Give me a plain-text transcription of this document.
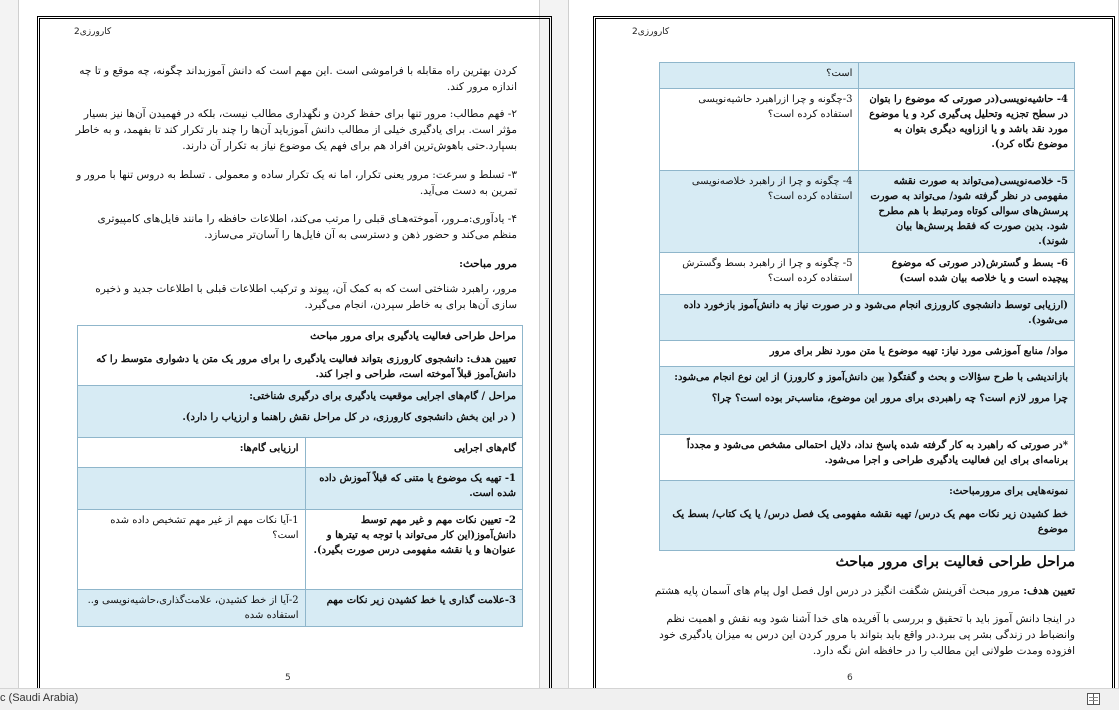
کارورزی2
کردن بهترین راه مقابله با فراموشی است .این مهم است که دانش آموزبداند چگونه، چه موقع و تا چه اندازه مرور کند.
۲- فهم مطالب: مرور تنها برای حفظ کردن و نگهداری مطالب نیست، بلکه در فهمیدن آن‌ها نیز بسیار مؤثر است. برای یادگیری خیلی از مطالب دانش آموزباید آن‌ها را چند بار تکرار کند تا بفهمد، و به خاطر بسپارد.حتی باهوش‌ترین افراد هم برای فهم یک موضوع نیاز به تکرار آن دارند.
۳- تسلط و سرعت: مرور یعنی تکرار، اما نه یک تکرار ساده و معمولی . تسلط به دروس تنها با مرور و تمرین به دست می‌آید.
۴- یادآوری:مـرور، آموخته‌هـای قبلی را مرتب می‌کند، اطلاعات حافظه را مانند فایل‌های کامپیوتری منظم می‌کند و حضور ذهن و دسترسی به آن فایل‌ها را آسان‌تر می‌سازد.
مرور مباحث:
مرور، راهبرد شناختی است که به کمک آن، پیوند و ترکیب اطلاعات قبلی با اطلاعات جدید و ذخیره سازی آن‌ها برای به خاطر سپردن، انجام می‌گیرد.
مراحل طراحی فعالیت یادگیری برای مرور مباحث
تعیین هدف: دانشجوی کارورزی بتواند فعالیت یادگیری را برای مرور یک متن یا دشواری متوسط را که دانش‌آموز قبلاً آموخته است، طراحی و اجرا کند.	

مراحل / گام‌های اجرایی موقعیت یادگیری برای درگیری شناختی:
( در این بخش دانشجوی کارورزی، در کل مراحل نقش راهنما و ارزیاب را دارد).	

گام‌های اجرایی	ارزیابی گام‌ها:
1- تهیه یک موضوع یا متنی که قبلاً آموزش داده شده است.	
2- تعیین نکات مهم و غیر مهم توسط دانش‌آموز(این کار می‌تواند با توجه به تیترها و عنوان‌ها و یا نقشه مفهومی درس صورت بگیرد).	1-آیا نکات مهم از غیر مهم تشخیص داده شده است؟
3-علامت گذاری یا خط کشیدن زیر نکات مهم	2-آیا از خط کشیدن، علامت‌گذاری،حاشیه‌نویسی و.. استفاده شده
5
کارورزی2
	است؟
4- حاشیه‌نویسی(در صورتی که موضوع را بتوان در سطح تجزیه وتحلیل پی‌گیری کرد و یا موضوع مورد نقد باشد و یا اززاویه دیگری بتوان به موضوع نگاه کرد).	3-چگونه و چرا ازراهبرد حاشیه‌نویسی استفاده کرده است؟
5- خلاصه‌نویسی(می‌تواند به صورت نقشه مفهومی در نظر گرفته شود/ می‌تواند به صورت پرسش‌های سوالی کوتاه ومرتبط با هم مطرح شود. بدین صورت که فقط پرسش‌ها بیان شوند).	4- چگونه و چرا از راهبرد خلاصه‌نویسی استفاده کرده است؟
6- بسط و گسترش(در صورتی که موضوع پیچیده است و یا خلاصه بیان شده است)	5- چگونه و چرا از راهبرد بسط وگسترش استفاده کرده است؟
(ارزیابی توسط دانشجوی کارورزی انجام می‌شود و در صورت نیاز به دانش‌آموز بازخورد داده می‌شود).	
مواد/ منابع آموزشی مورد نیاز: تهیه موضوع یا متن مورد نظر برای مرور	

بازاندیشی با طرح سؤالات و بحث و گفتگو( بین دانش‌آموز و کارورز) از این نوع انجام می‌شود:
چرا مرور لازم است؟ چه راهبردی برای مرور این موضوع، مناسب‌تر بوده است؟ چرا؟	

*در صورتی که راهبرد به کار گرفته شده پاسخ نداد، دلایل احتمالی مشخص می‌شود و مجدداً برنامه‌ای برای این فعالیت یادگیری طراحی و اجرا می‌شود.	

نمونه‌هایی برای مرورمباحث:
خط کشیدن زیر نکات مهم یک درس/ تهیه نقشه مفهومی یک فصل درس/ یا یک کتاب/ بسط یک موضوع	
مراحل طراحی فعالیت برای مرور مباحث
تعیین هدف: مرور مبحث آفرینش شگفت انگیز در درس اول فصل اول پیام های آسمان پایه هشتم
در اینجا دانش آموز باید با تحقیق و بررسی با آفریده های خدا آشنا شود وبه نقش و اهمیت نظم وانضباط در زندگی بشر پی ببرد.در واقع باید بتواند با مرور کردن این درس به میزان یادگیری خود افزوده ومدت طولانی این مطالب را در حافظه اش نگه دارد.
6
c (Saudi Arabia)
